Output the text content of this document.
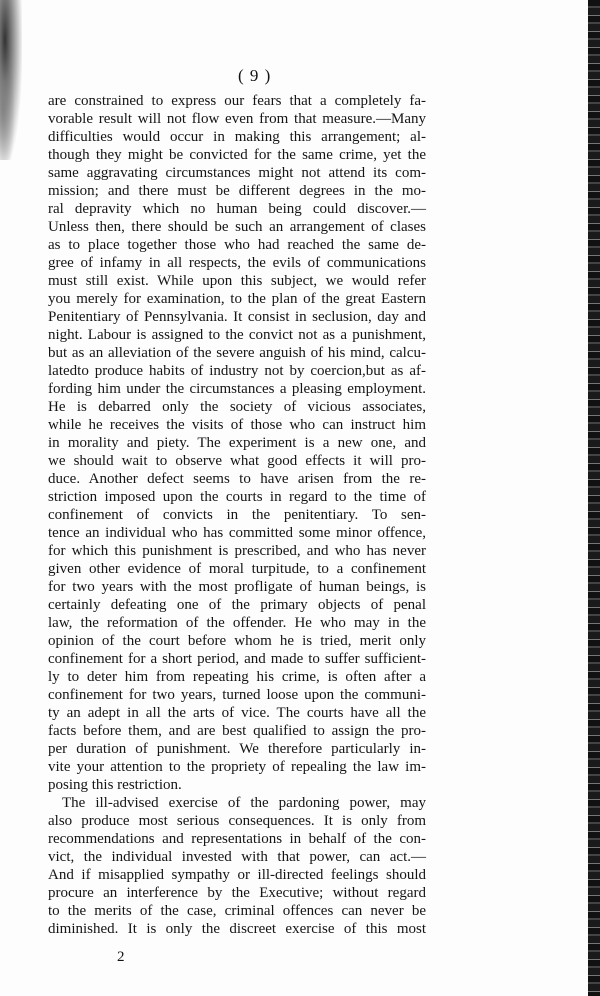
( 9 )
are constrained to express our fears that a completely fa-
vorable result will not flow even from that measure.—Many
difficulties would occur in making this arrangement; al-
though they might be convicted for the same crime, yet the
same aggravating circumstances might not attend its com-
mission; and there must be different degrees in the mo-
ral depravity which no human being could discover.—
Unless then, there should be such an arrangement of clases
as to place together those who had reached the same de-
gree of infamy in all respects, the evils of communications
must still exist. While upon this subject, we would refer
you merely for examination, to the plan of the great Eastern
Penitentiary of Pennsylvania. It consist in seclusion, day and
night. Labour is assigned to the convict not as a punishment,
but as an alleviation of the severe anguish of his mind, calcu-
latedto produce habits of industry not by coercion,but as af-
fording him under the circumstances a pleasing employment.
He is debarred only the society of vicious associates,
while he receives the visits of those who can instruct him
in morality and piety. The experiment is a new one, and
we should wait to observe what good effects it will pro-
duce. Another defect seems to have arisen from the re-
striction imposed upon the courts in regard to the time of
confinement of convicts in the penitentiary. To sen-
tence an individual who has committed some minor offence,
for which this punishment is prescribed, and who has never
given other evidence of moral turpitude, to a confinement
for two years with the most profligate of human beings, is
certainly defeating one of the primary objects of penal
law, the reformation of the offender. He who may in the
opinion of the court before whom he is tried, merit only
confinement for a short period, and made to suffer sufficient-
ly to deter him from repeating his crime, is often after a
confinement for two years, turned loose upon the communi-
ty an adept in all the arts of vice. The courts have all the
facts before them, and are best qualified to assign the pro-
per duration of punishment. We therefore particularly in-
vite your attention to the propriety of repealing the law im-
posing this restriction.
The ill-advised exercise of the pardoning power, may
also produce most serious consequences. It is only from
recommendations and representations in behalf of the con-
vict, the individual invested with that power, can act.—
And if misapplied sympathy or ill-directed feelings should
procure an interference by the Executive; without regard
to the merits of the case, criminal offences can never be
diminished. It is only the discreet exercise of this most
2
